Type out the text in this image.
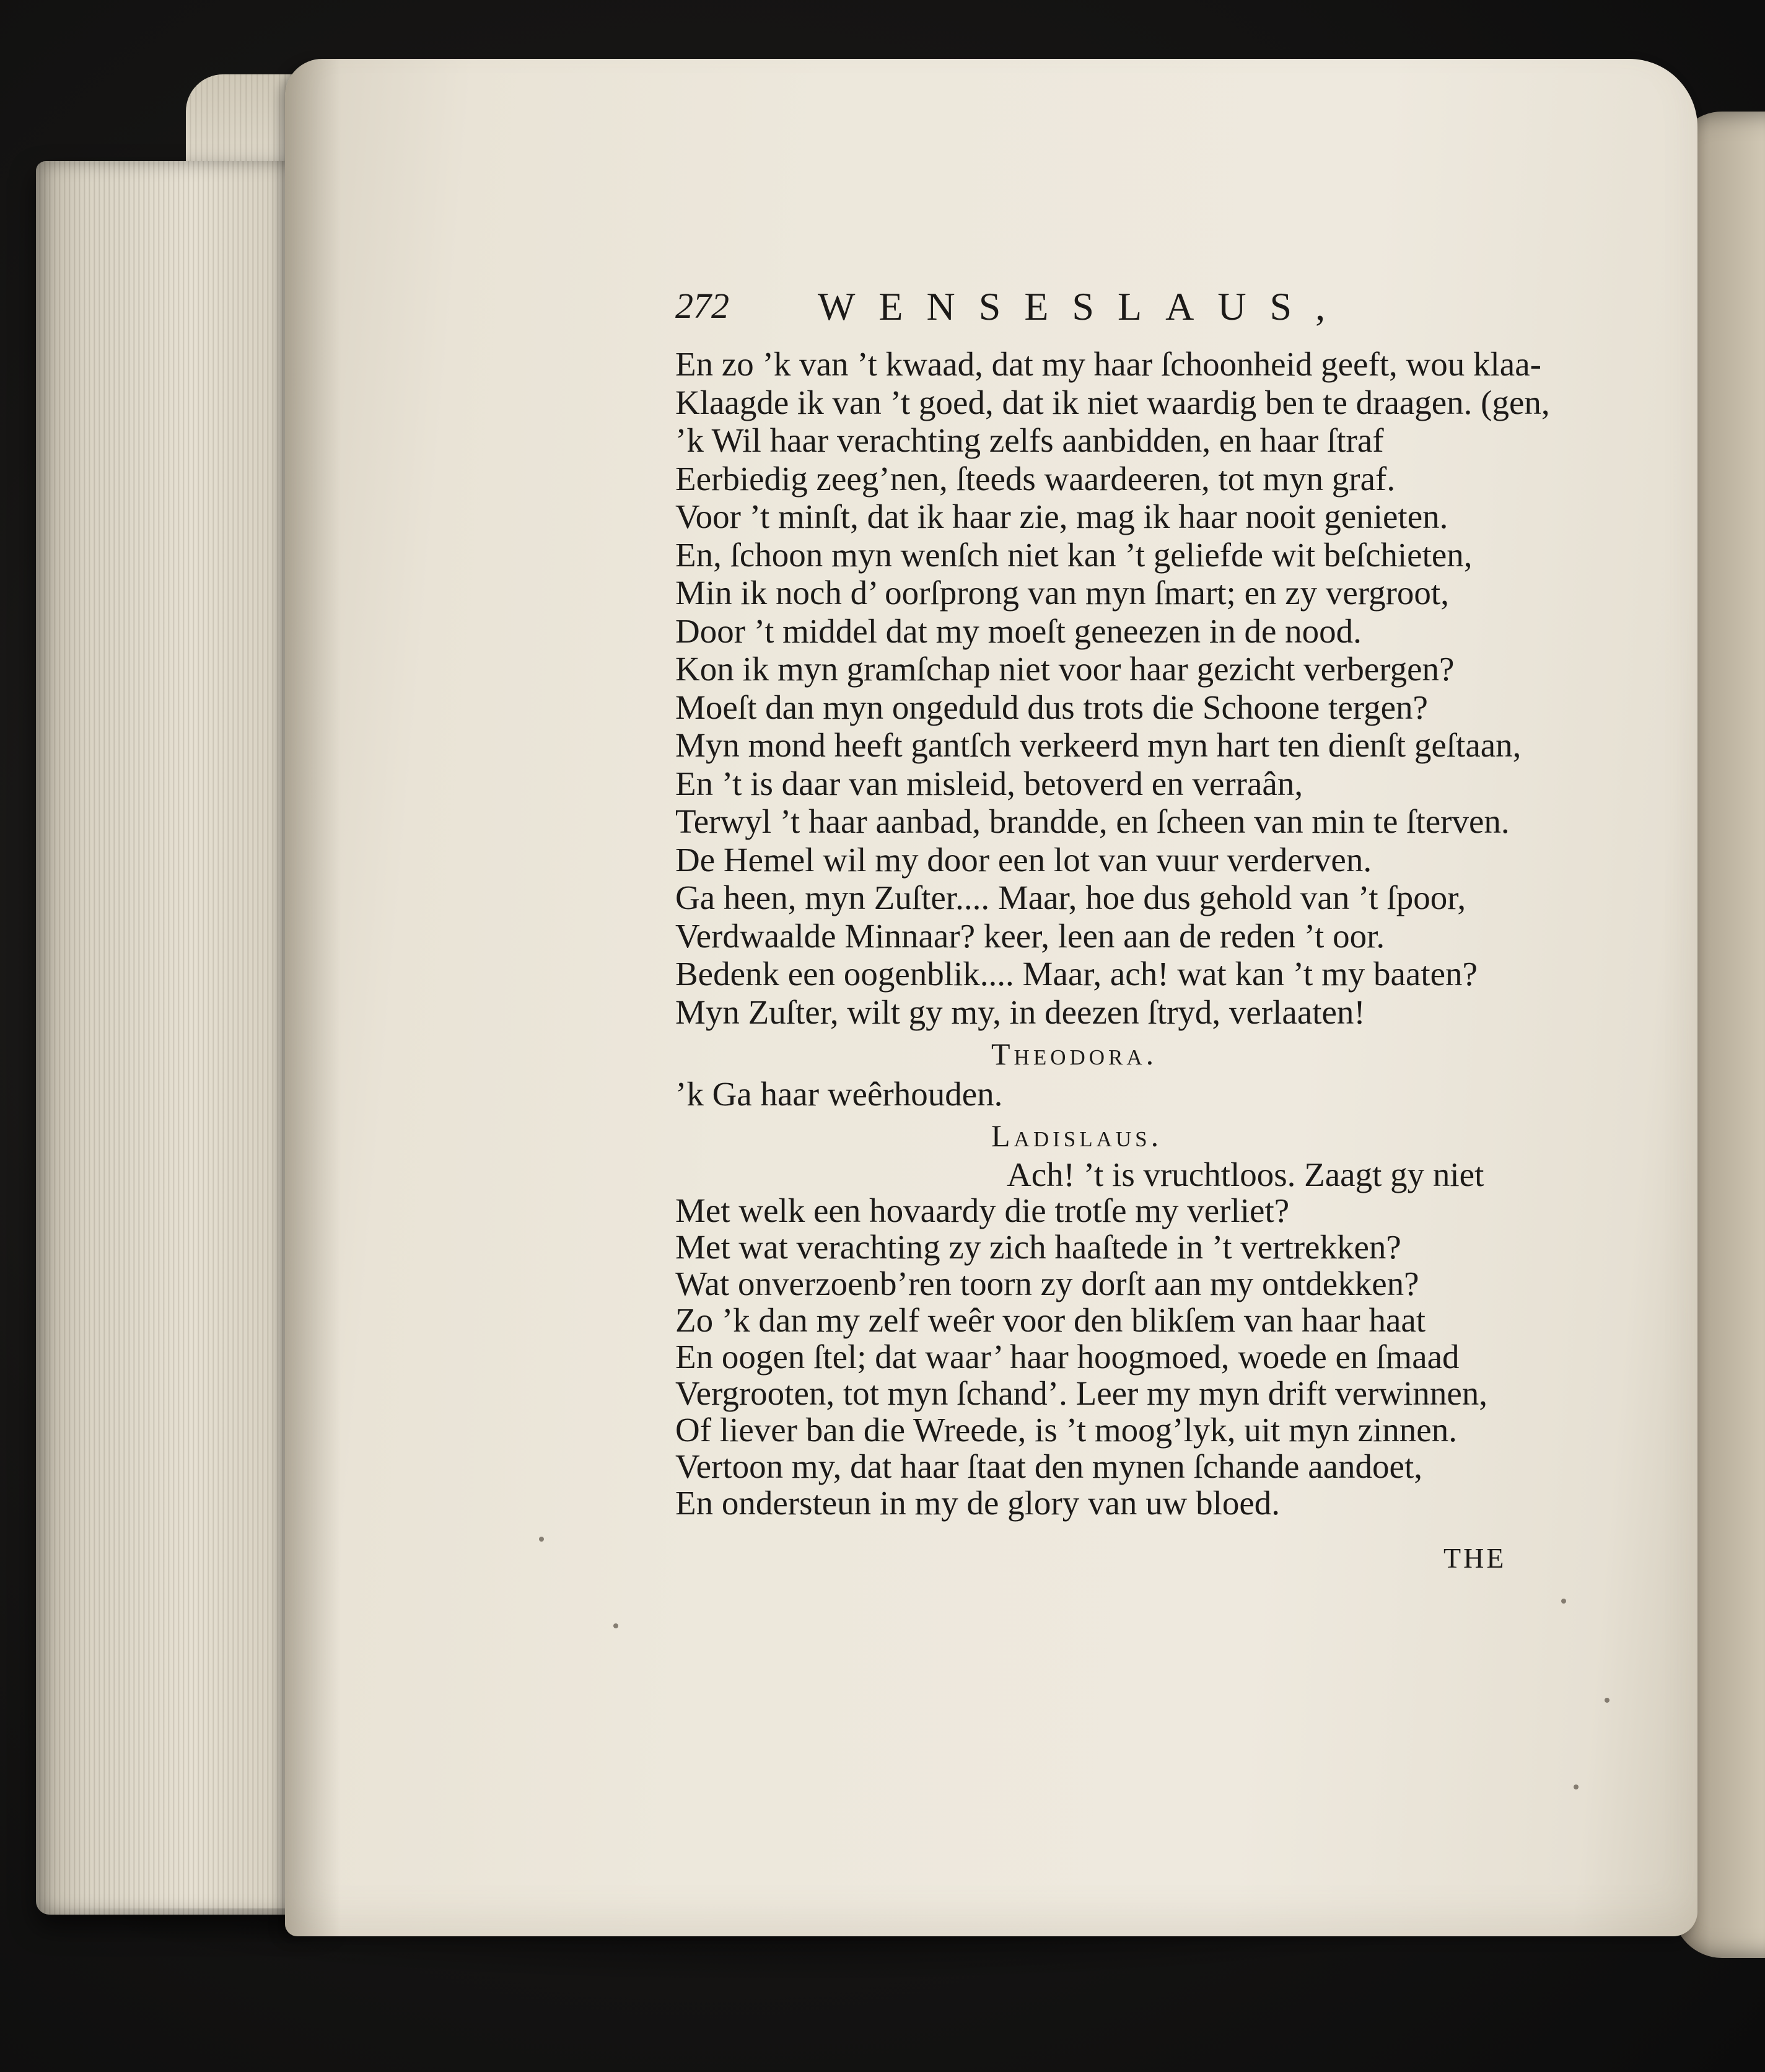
272 WENSESLAUS,
En zo ’k van ’t kwaad, dat my haar ſchoonheid geeft, wou klaa-
Klaagde ik van ’t goed, dat ik niet waardig ben te draagen. (gen,
’k Wil haar verachting zelfs aanbidden, en haar ſtraf
Eerbiedig zeeg’nen, ſteeds waardeeren, tot myn graf.
Voor ’t minſt, dat ik haar zie, mag ik haar nooit genieten.
En, ſchoon myn wenſch niet kan ’t geliefde wit beſchieten,
Min ik noch d’ oorſprong van myn ſmart; en zy vergroot,
Door ’t middel dat my moeſt geneezen in de nood.
Kon ik myn gramſchap niet voor haar gezicht verbergen?
Moeſt dan myn ongeduld dus trots die Schoone tergen?
Myn mond heeft gantſch verkeerd myn hart ten dienſt geſtaan,
En ’t is daar van misleid, betoverd en verraân,
Terwyl ’t haar aanbad, brandde, en ſcheen van min te ſterven.
De Hemel wil my door een lot van vuur verderven.
Ga heen, myn Zuſter.... Maar, hoe dus gehold van ’t ſpoor,
Verdwaalde Minnaar? keer, leen aan de reden ’t oor.
Bedenk een oogenblik.... Maar, ach! wat kan ’t my baaten?
Myn Zuſter, wilt gy my, in deezen ſtryd, verlaaten!
Theodora.
’k Ga haar weêrhouden.
Ladislaus.
Ach! ’t is vruchtloos. Zaagt gy niet
Met welk een hovaardy die trotſe my verliet?
Met wat verachting zy zich haaſtede in ’t vertrekken?
Wat onverzoenb’ren toorn zy dorſt aan my ontdekken?
Zo ’k dan my zelf weêr voor den blikſem van haar haat
En oogen ſtel; dat waar’ haar hoogmoed, woede en ſmaad
Vergrooten, tot myn ſchand’. Leer my myn drift verwinnen,
Of liever ban die Wreede, is ’t moog’lyk, uit myn zinnen.
Vertoon my, dat haar ſtaat den mynen ſchande aandoet,
En ondersteun in my de glory van uw bloed.
THE
